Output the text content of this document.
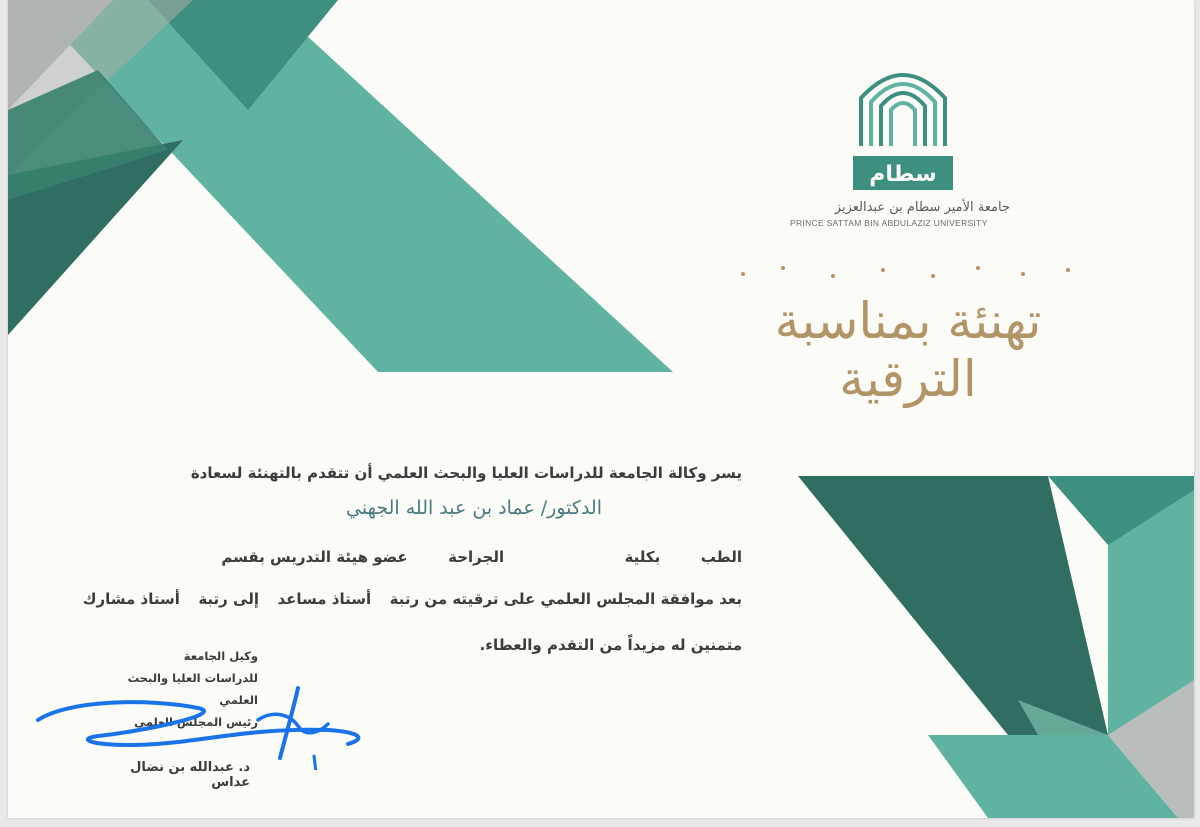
سطام
جامعة الأمير سطام بن عبدالعزيز
PRINCE SATTAM BIN ABDULAZIZ UNIVERSITY
تهنئة بمناسبة الترقية
يسر وكالة الجامعة للدراسات العليا والبحث العلمي أن تتقدم بالتهنئة لسعادة
الدكتور/ عماد بن عبد الله الجهني
عضو هيئة التدريس بقسم	الجراحة	بكلية	الطب
بعد موافقة المجلس العلمي على ترقيته من رتبة  أستاذ مساعد  إلى رتبة  أستاذ مشارك
متمنين له مزيداً من التقدم والعطاء.
وكيل الجامعة
للدراسات العليا والبحث العلمي
رئيس المجلس العلمي
د. عبدالله بن نضال عداس
